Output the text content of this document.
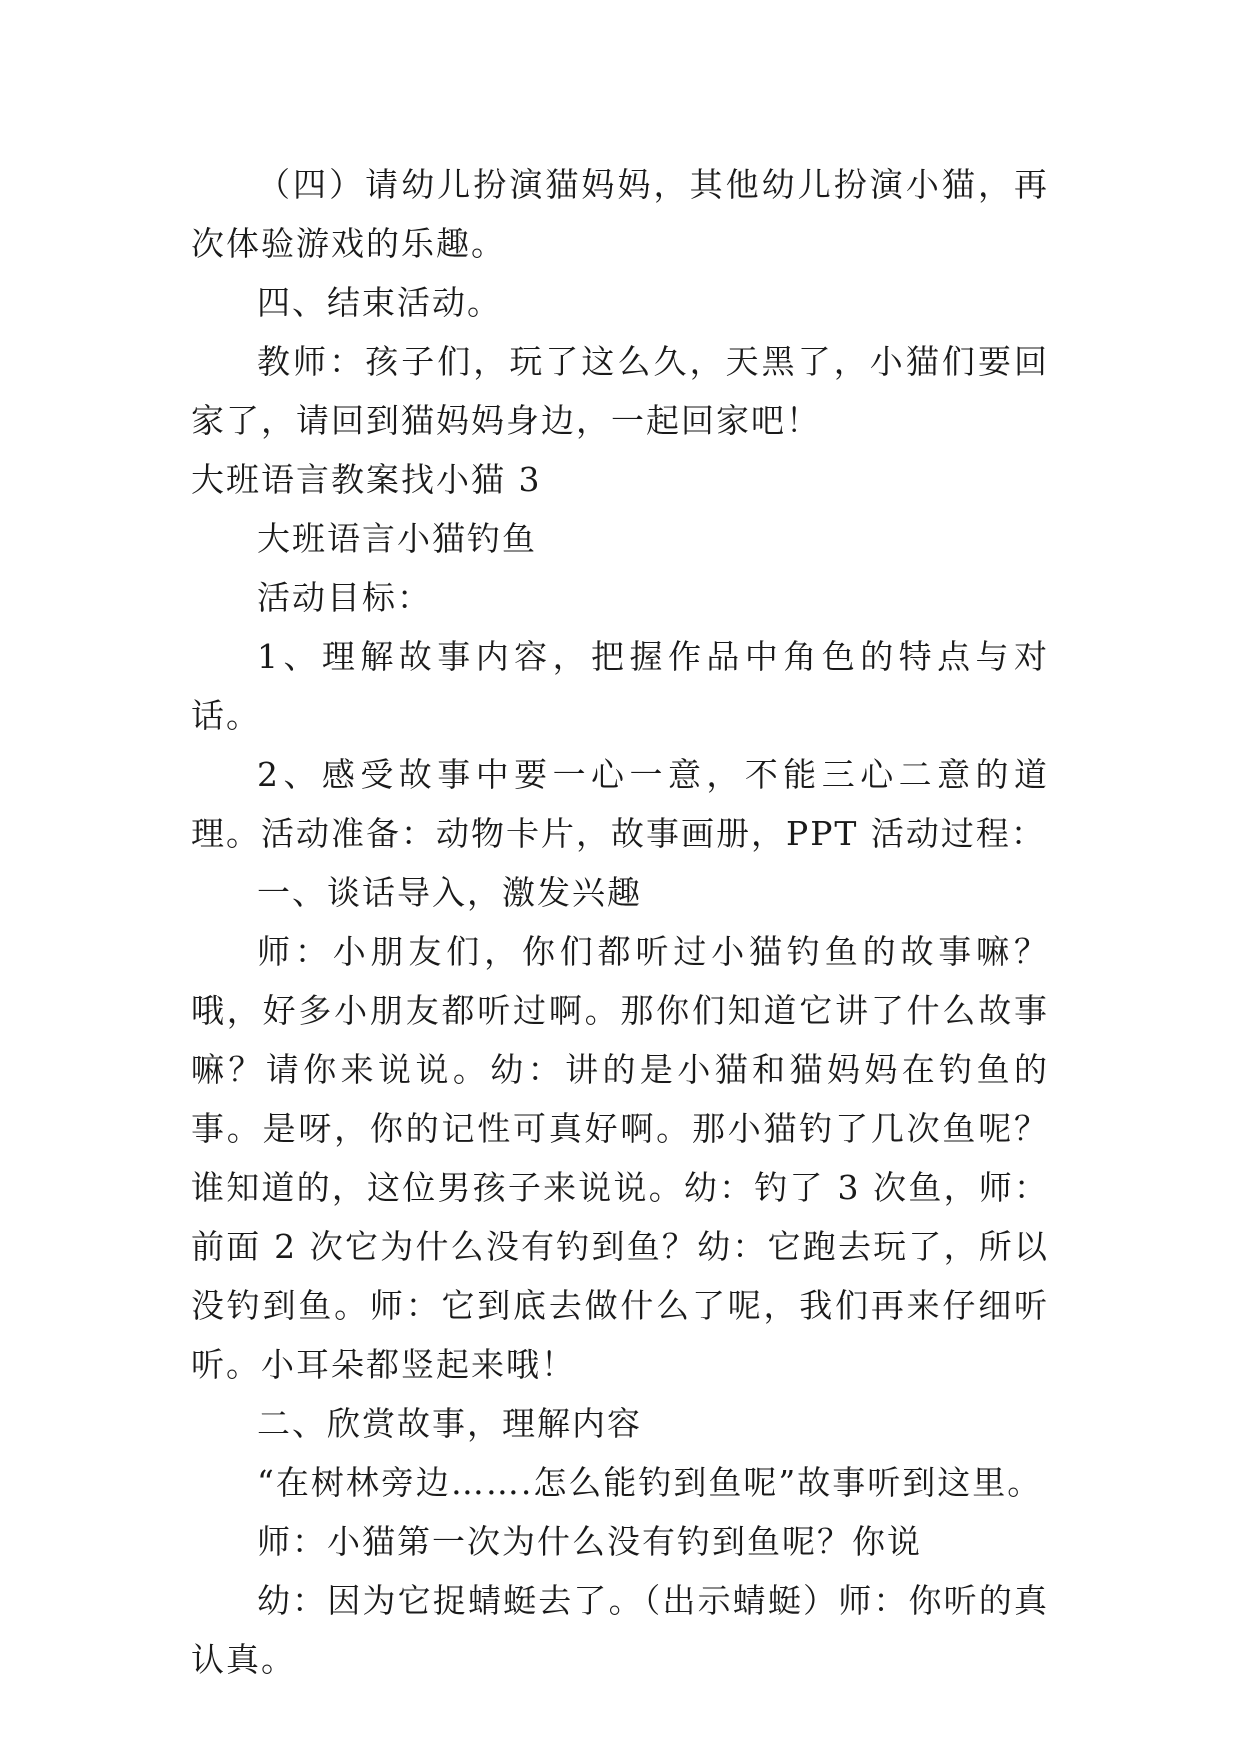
（四）请幼儿扮演猫妈妈，其他幼儿扮演小猫，再次体验游戏的乐趣。

四、结束活动。

教师：孩子们，玩了这么久，天黑了，小猫们要回家了，请回到猫妈妈身边，一起回家吧！

大班语言教案找小猫 3

大班语言小猫钓鱼

活动目标：

1、理解故事内容，把握作品中角色的特点与对话。

2、感受故事中要一心一意，不能三心二意的道理。活动准备：动物卡片，故事画册，PPT 活动过程：

一、谈话导入，激发兴趣

师：小朋友们，你们都听过小猫钓鱼的故事嘛？哦，好多小朋友都听过啊。那你们知道它讲了什么故事嘛？请你来说说。幼：讲的是小猫和猫妈妈在钓鱼的事。是呀，你的记性可真好啊。那小猫钓了几次鱼呢？谁知道的，这位男孩子来说说。幼：钓了 3 次鱼，师：前面 2 次它为什么没有钓到鱼？幼：它跑去玩了，所以没钓到鱼。师：它到底去做什么了呢，我们再来仔细听听。小耳朵都竖起来哦！

二、欣赏故事，理解内容

“在树林旁边…….怎么能钓到鱼呢”故事听到这里。

师：小猫第一次为什么没有钓到鱼呢？你说

幼：因为它捉蜻蜓去了。（出示蜻蜓）师：你听的真认真。
